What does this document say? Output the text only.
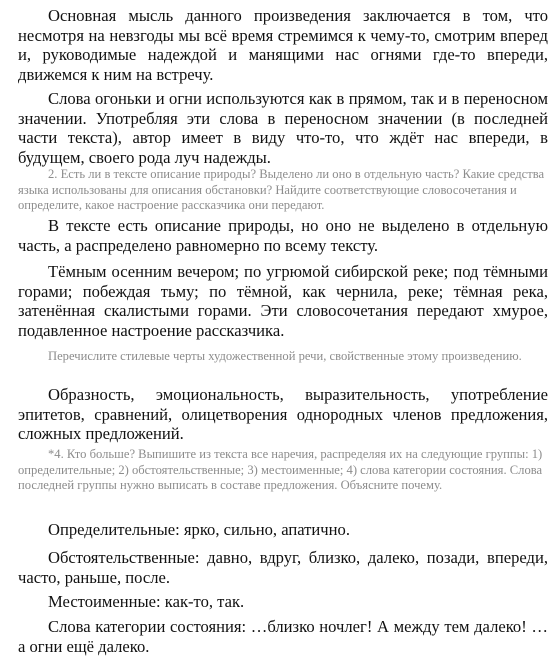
Основная мысль данного произведения заключается в том, что несмотря на невзгоды мы всё время стремимся к чему-то, смотрим вперед и, руководимые надеждой и манящими нас огнями где-то впереди, движемся к ним на встречу.

Слова огоньки и огни используются как в прямом, так и в переносном значении. Употребляя эти слова в переносном значении (в последней части текста), автор имеет в виду что-то, что ждёт нас впереди, в будущем, своего рода луч надежды.

2. Есть ли в тексте описание природы? Выделено ли оно в отдельную часть? Какие средства языка использованы для описания обстановки? Найдите соответствующие словосочетания и определите, какое настроение рассказчика они передают.

В тексте есть описание природы, но оно не выделено в отдельную часть, а распределено равномерно по всему тексту.

Тёмным осенним вечером; по угрюмой сибирской реке; под тёмными горами; побеждая тьму; по тёмной, как чернила, реке; тёмная река, затенённая скалистыми горами. Эти словосочетания передают хмурое, подавленное настроение рассказчика.

Перечислите стилевые черты художественной речи, свойственные этому произведению.

Образность, эмоциональность, выразительность, употребление эпитетов, сравнений, олицетворения однородных членов предложения, сложных предложений.

*4. Кто больше? Выпишите из текста все наречия, распределяя их на следующие группы: 1) определительные; 2) обстоятельственные; 3) местоименные; 4) слова категории состояния. Слова последней группы нужно выписать в составе предложения. Объясните почему.

Определительные: ярко, сильно, апатично.

Обстоятельственные: давно, вдруг, близко, далеко, позади, впереди, часто, раньше, после.

Местоименные: как-то, так.

Слова категории состояния: …близко ночлег! А между тем далеко! …а огни ещё далеко.
